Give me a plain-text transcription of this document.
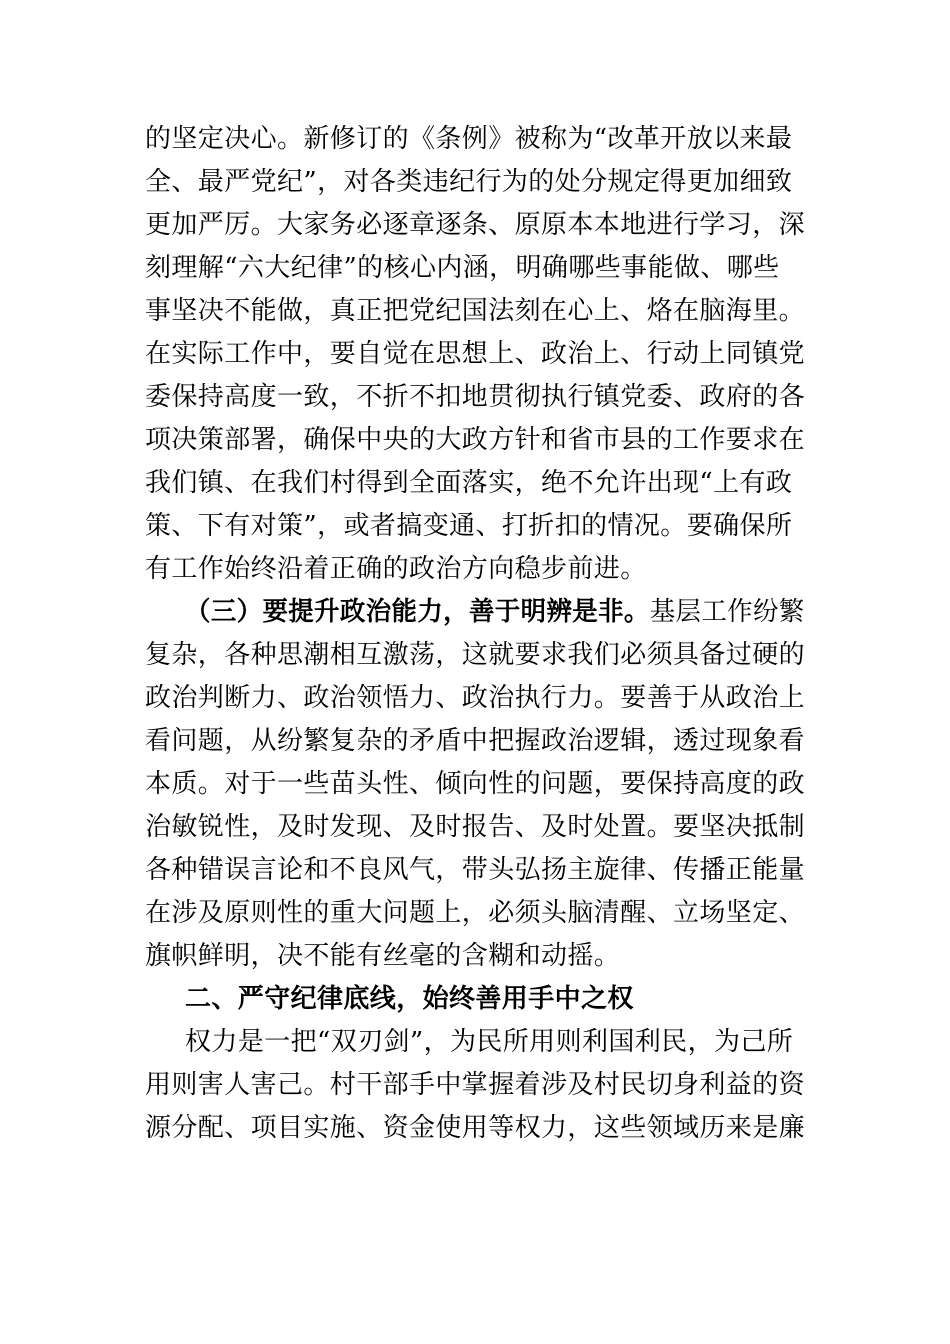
的坚定决心。新修订的《条例》被称为“改革开放以来最
全、最严党纪”，对各类违纪行为的处分规定得更加细致
更加严厉。大家务必逐章逐条、原原本本地进行学习，深
刻理解“六大纪律”的核心内涵，明确哪些事能做、哪些
事坚决不能做，真正把党纪国法刻在心上、烙在脑海里。
在实际工作中，要自觉在思想上、政治上、行动上同镇党
委保持高度一致，不折不扣地贯彻执行镇党委、政府的各
项决策部署，确保中央的大政方针和省市县的工作要求在
我们镇、在我们村得到全面落实，绝不允许出现“上有政
策、下有对策”，或者搞变通、打折扣的情况。要确保所
有工作始终沿着正确的政治方向稳步前进。
（三）要提升政治能力，善于明辨是非。基层工作纷繁
复杂，各种思潮相互激荡，这就要求我们必须具备过硬的
政治判断力、政治领悟力、政治执行力。要善于从政治上
看问题，从纷繁复杂的矛盾中把握政治逻辑，透过现象看
本质。对于一些苗头性、倾向性的问题，要保持高度的政
治敏锐性，及时发现、及时报告、及时处置。要坚决抵制
各种错误言论和不良风气，带头弘扬主旋律、传播正能量
在涉及原则性的重大问题上，必须头脑清醒、立场坚定、
旗帜鲜明，决不能有丝毫的含糊和动摇。
二、严守纪律底线，始终善用手中之权
权力是一把“双刃剑”，为民所用则利国利民，为己所
用则害人害己。村干部手中掌握着涉及村民切身利益的资
源分配、项目实施、资金使用等权力，这些领域历来是廉
